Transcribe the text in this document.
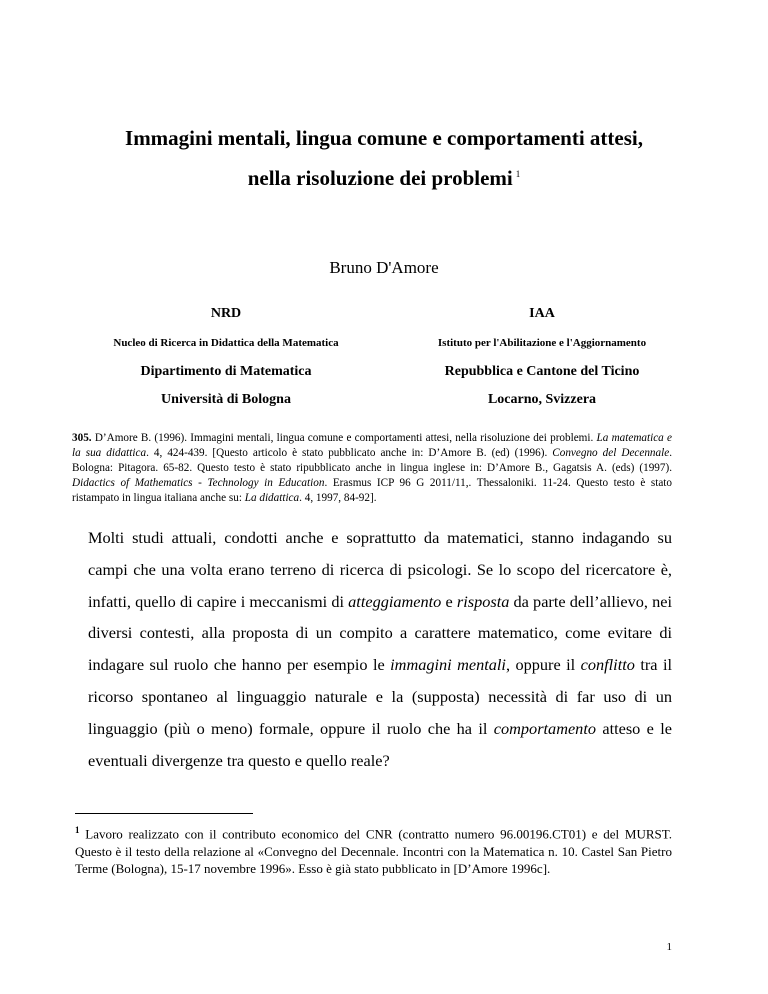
Immagini mentali, lingua comune e comportamenti attesi,
nella risoluzione dei problemi $^1$
Bruno D'Amore
NRD	IAA
Nucleo di Ricerca in Didattica della Matematica	Istituto per l'Abilitazione e l'Aggiornamento
Dipartimento di Matematica	Repubblica e Cantone del Ticino
Università di Bologna	Locarno, Svizzera
305. D’Amore B. (1996). Immagini mentali, lingua comune e comportamenti attesi, nella risoluzione dei problemi. La matematica e la sua didattica. 4, 424-439. [Questo articolo è stato pubblicato anche in: D’Amore B. (ed) (1996). Convegno del Decennale. Bologna: Pitagora. 65-82. Questo testo è stato ripubblicato anche in lingua inglese in: D’Amore B., Gagatsis A. (eds) (1997). Didactics of Mathematics - Technology in Education. Erasmus ICP 96 G 2011/11,. Thessaloniki. 11-24. Questo testo è stato ristampato in lingua italiana anche su: La didattica. 4, 1997, 84-92].
Molti studi attuali, condotti anche e soprattutto da matematici, stanno indagando su campi che una volta erano terreno di ricerca di psicologi. Se lo scopo del ricercatore è, infatti, quello di capire i meccanismi di atteggiamento e risposta da parte dell’allievo, nei diversi contesti, alla proposta di un compito a carattere matematico, come evitare di indagare sul ruolo che hanno per esempio le immagini mentali, oppure il conflitto tra il ricorso spontaneo al linguaggio naturale e la (supposta) necessità di far uso di un linguaggio (più o meno) formale, oppure il ruolo che ha il comportamento atteso e le eventuali divergenze tra questo e quello reale?
$^1$ Lavoro realizzato con il contributo economico del CNR (contratto numero 96.00196.CT01) e del MURST. Questo è il testo della relazione al «Convegno del Decennale. Incontri con la Matematica n. 10. Castel San Pietro Terme (Bologna), 15-17 novembre 1996». Esso è già stato pubblicato in [D’Amore 1996c].
1
